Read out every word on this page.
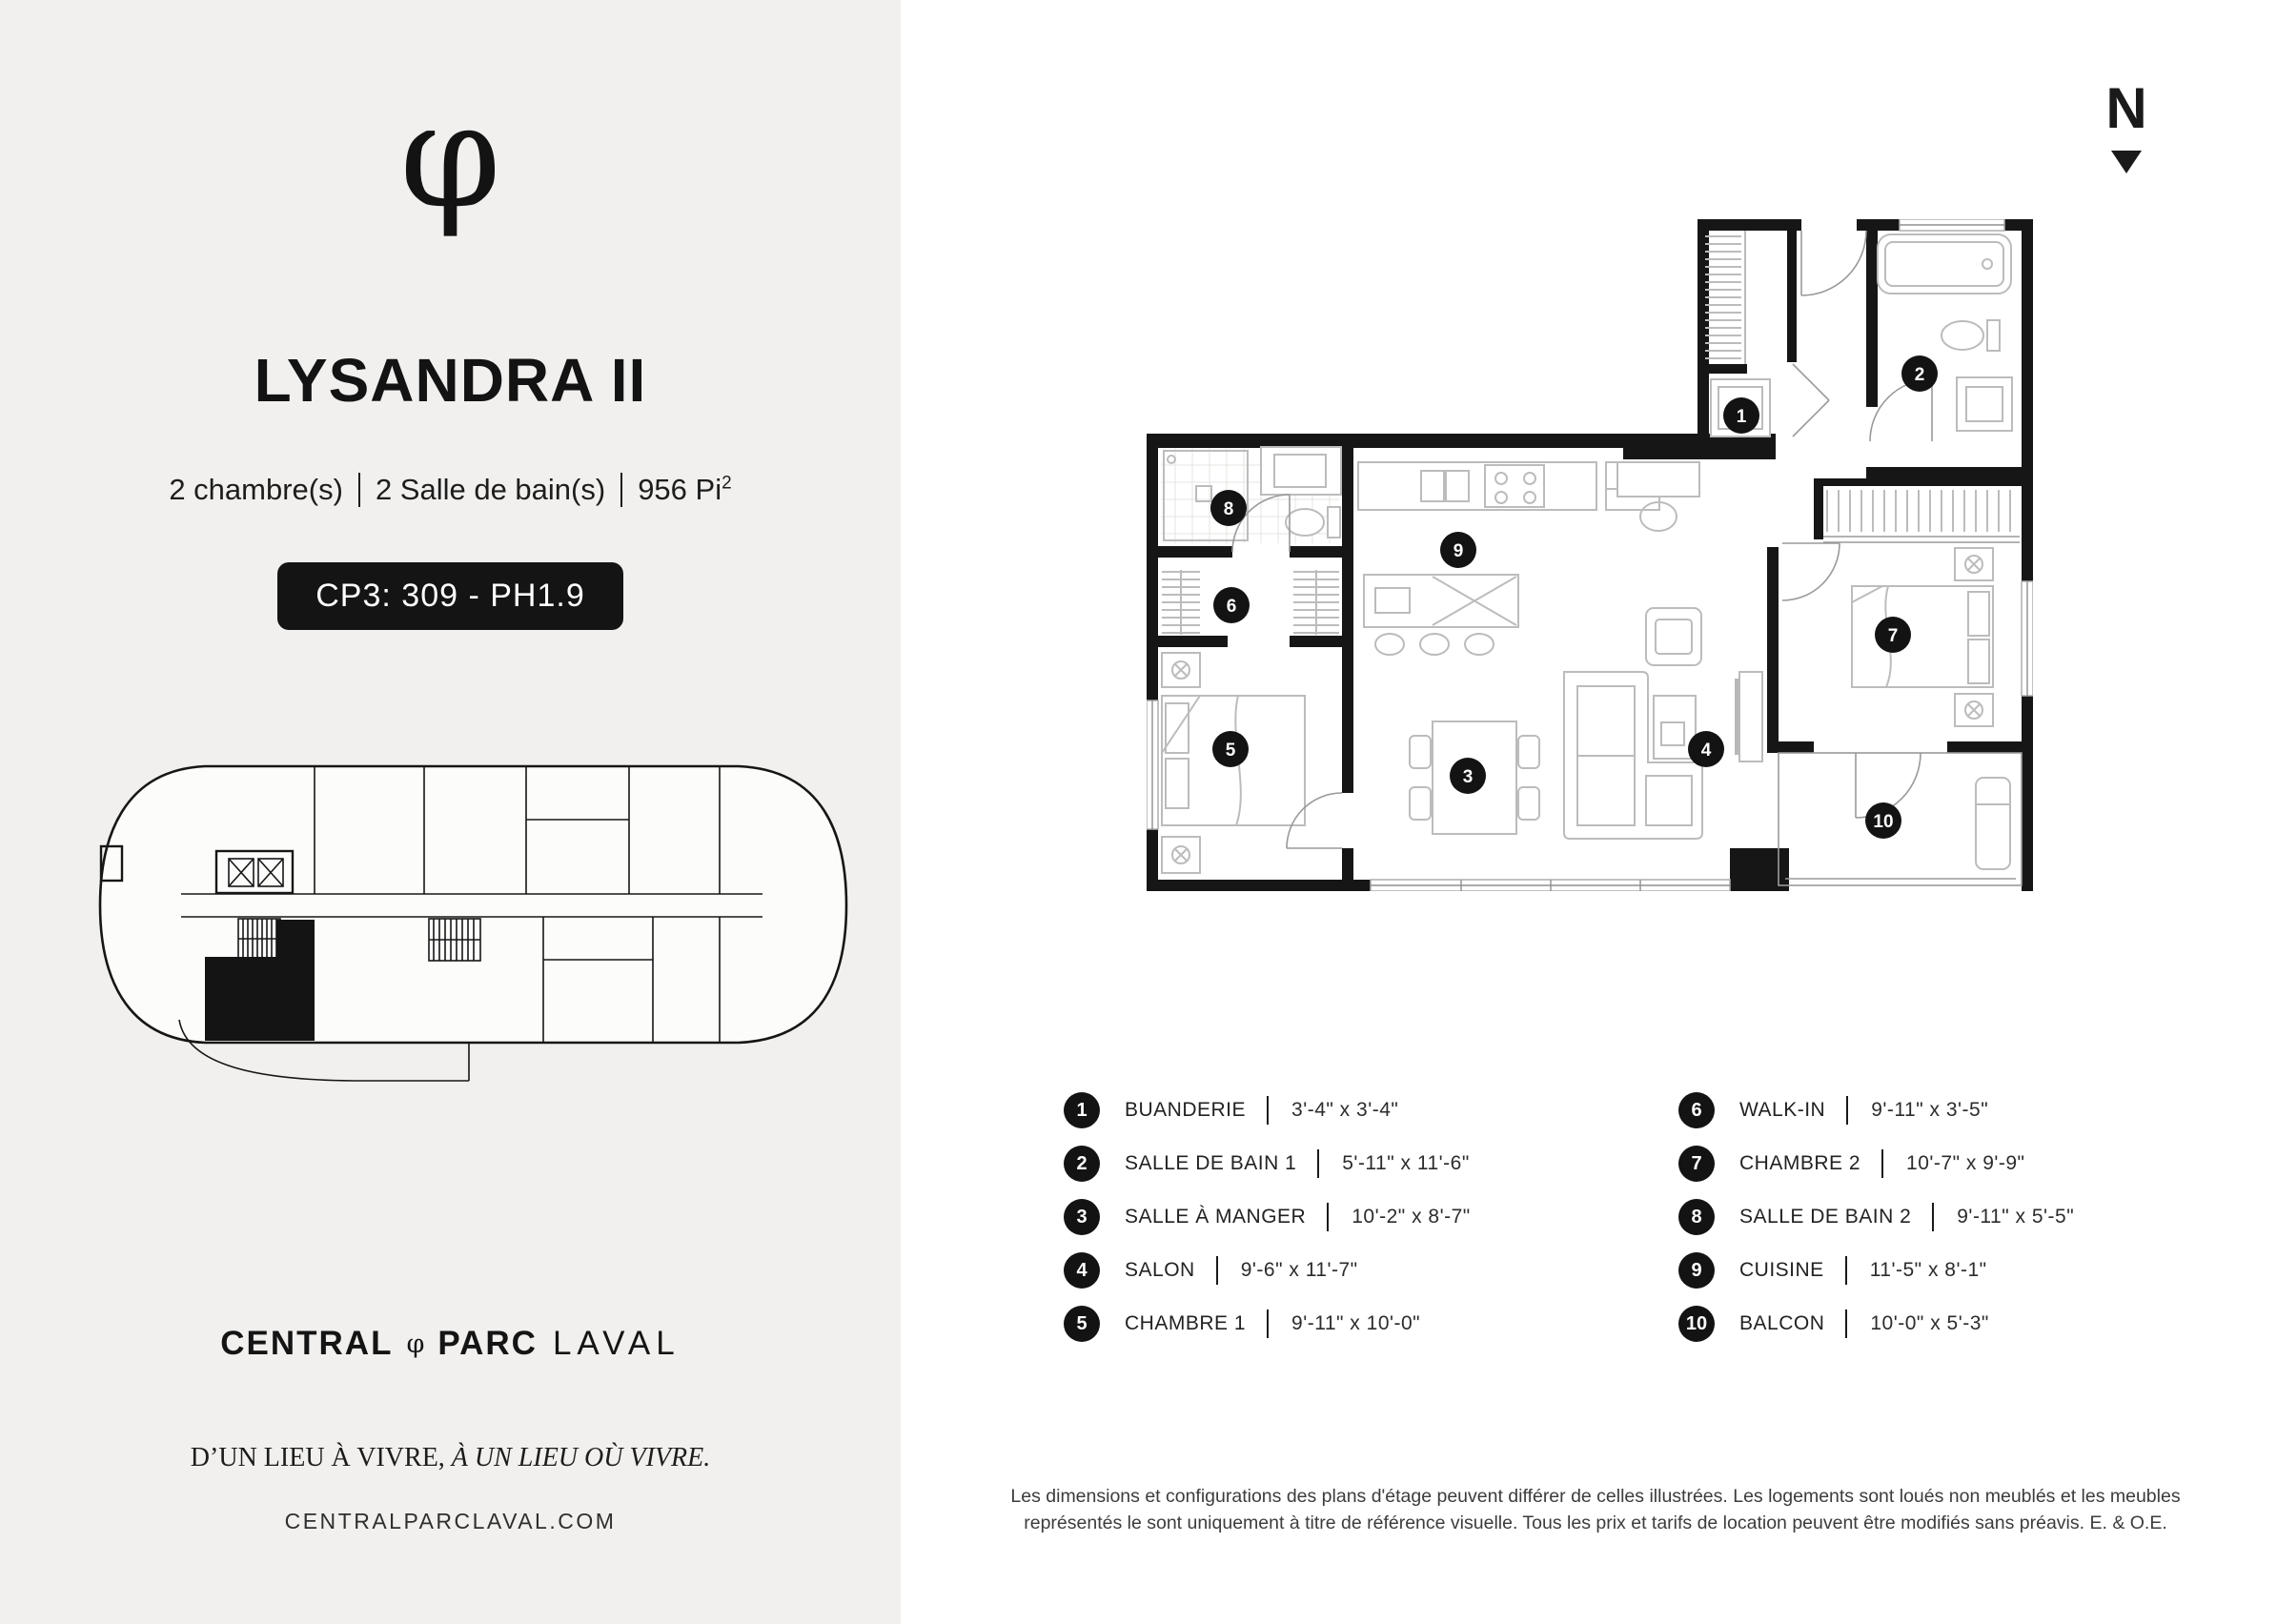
φ
LYSANDRA II
2 chambre(s) 2 Salle de bain(s) 956 Pi$^2$
CP3: 309 - PH1.9
CENTRAL φ PARC LAVAL
D’UN LIEU À VIVRE, À UN LIEU OÙ VIVRE.
CENTRALPARCLAVAL.COM
N
1
2
3
4
5
6
7
8
9
10
1	BUANDERIE 3'-4" x 3'-4"
2	SALLE DE BAIN 1 5'-11" x 11'-6"
3	SALLE À MANGER 10'-2" x 8'-7"
4	SALON 9'-6" x 11'-7"
5	CHAMBRE 1 9'-11" x 10'-0"
6	WALK-IN 9'-11" x 3'-5"
7	CHAMBRE 2 10'-7" x 9'-9"
8	SALLE DE BAIN 2 9'-11" x 5'-5"
9	CUISINE 11'-5" x 8'-1"
10	BALCON 10'-0" x 5'-3"
Les dimensions et configurations des plans d'étage peuvent différer de celles illustrées. Les logements sont loués non meublés et les meubles
représentés le sont uniquement à titre de référence visuelle. Tous les prix et tarifs de location peuvent être modifiés sans préavis. E. & O.E.
